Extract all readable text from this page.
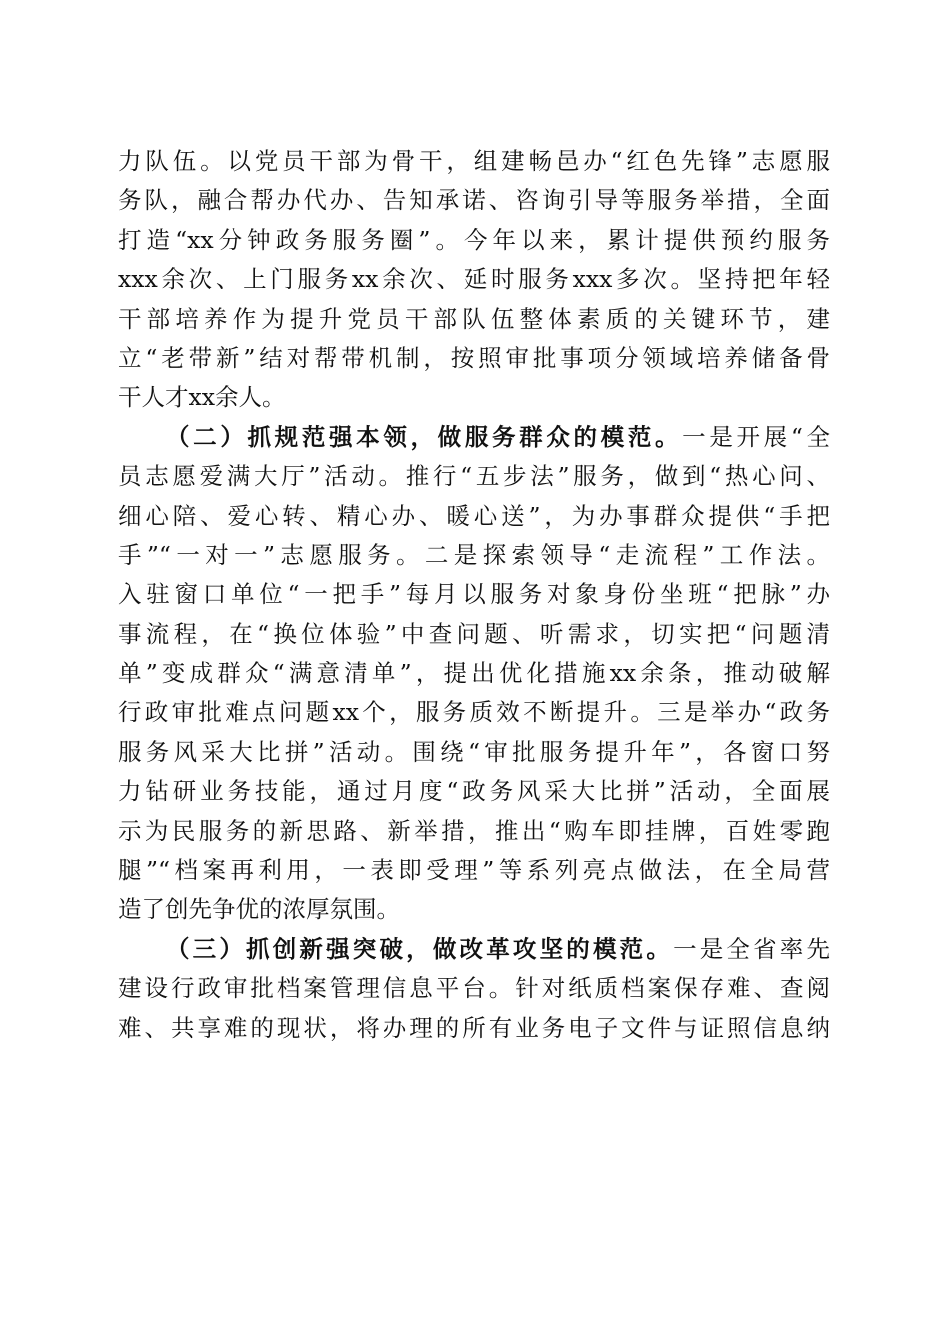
力队伍。以党员干部为骨干，组建畅邑办“红色先锋”志愿服
务队，融合帮办代办、告知承诺、咨询引导等服务举措，全面
打造“xx分钟政务服务圈”。今年以来，累计提供预约服务
xxx余次、上门服务xx余次、延时服务xxx多次。坚持把年轻
干部培养作为提升党员干部队伍整体素质的关键环节，建
立“老带新”结对帮带机制，按照审批事项分领域培养储备骨
干人才xx余人。
（二）抓规范强本领，做服务群众的模范。一是开展“全
员志愿爱满大厅”活动。推行“五步法”服务，做到“热心问、
细心陪、爱心转、精心办、暖心送”，为办事群众提供“手把
手”“一对一”志愿服务。二是探索领导“走流程”工作法。
入驻窗口单位“一把手”每月以服务对象身份坐班“把脉”办
事流程，在“换位体验”中查问题、听需求，切实把“问题清
单”变成群众“满意清单”，提出优化措施xx余条，推动破解
行政审批难点问题xx个，服务质效不断提升。三是举办“政务
服务风采大比拼”活动。围绕“审批服务提升年”，各窗口努
力钻研业务技能，通过月度“政务风采大比拼”活动，全面展
示为民服务的新思路、新举措，推出“购车即挂牌，百姓零跑
腿”“档案再利用，一表即受理”等系列亮点做法，在全局营
造了创先争优的浓厚氛围。
（三）抓创新强突破，做改革攻坚的模范。一是全省率先
建设行政审批档案管理信息平台。针对纸质档案保存难、查阅
难、共享难的现状，将办理的所有业务电子文件与证照信息纳
